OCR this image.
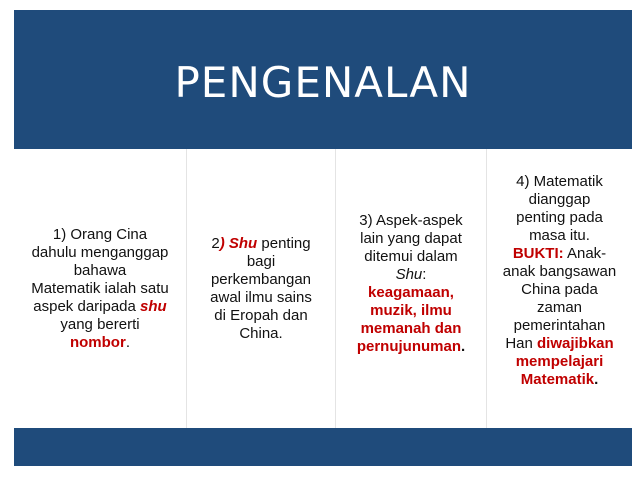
PENGENALAN

1) Orang Cina
dahulu menganggap
bahawa
Matematik ialah satu
aspek daripada shu
yang bererti
nombor.

2) Shu penting
bagi
perkembangan
awal ilmu sains
di Eropah dan
China.

3) Aspek-aspek
lain yang dapat
ditemui dalam
Shu:
keagamaan,
muzik, ilmu
memanah dan
pernujunuman.

4) Matematik
dianggap
penting pada
masa itu.
BUKTI: Anak-
anak bangsawan
China pada
zaman
pemerintahan
Han diwajibkan
mempelajari
Matematik.
